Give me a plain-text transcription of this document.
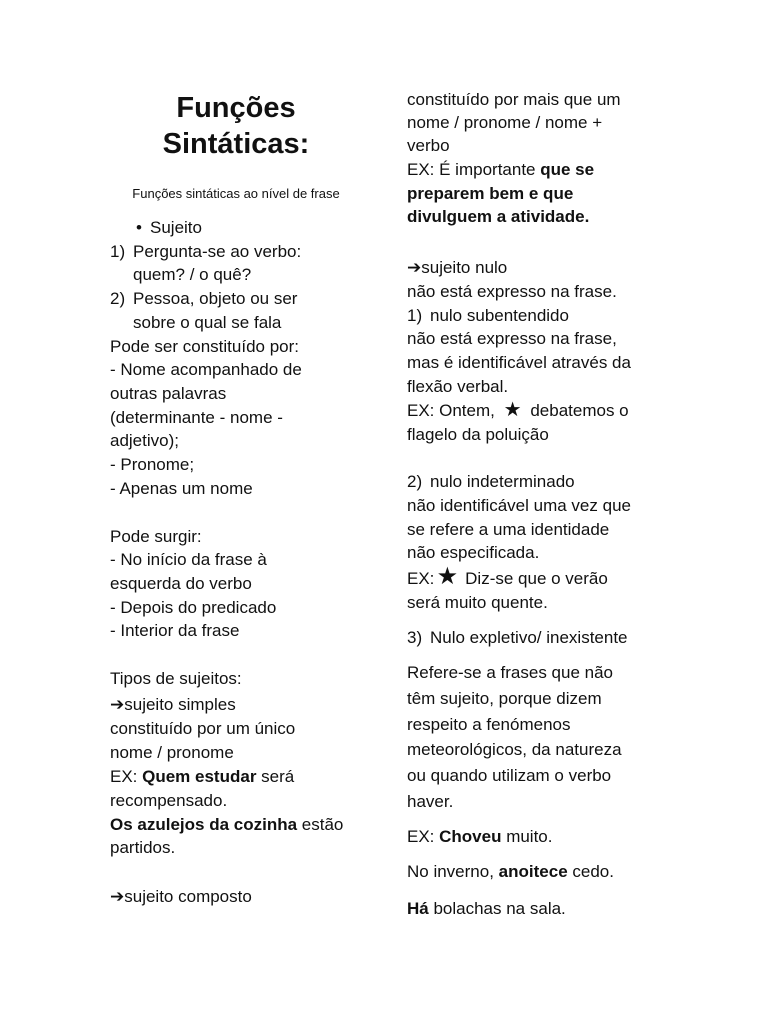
Funções
Sintáticas:
Funções sintáticas ao nível de frase
• Sujeito
1) Pergunta-se ao verbo:
quem? / o quê?
2) Pessoa, objeto ou ser
sobre o qual se fala
Pode ser constituído por:
- Nome acompanhado de
outras palavras
(determinante - nome -
adjetivo);
- Pronome;
- Apenas um nome
Pode surgir:
- No início da frase à
esquerda do verbo
- Depois do predicado
- Interior da frase
Tipos de sujeitos:
➔sujeito simples
constituído por um único
nome / pronome
EX: Quem estudar será
recompensado.
Os azulejos da cozinha estão
partidos.
➔sujeito composto
constituído por mais que um
nome / pronome / nome +
verbo
EX: É importante que se
preparem bem e que
divulguem a atividade.
➔sujeito nulo
não está expresso na frase.
1) nulo subentendido
não está expresso na frase,
mas é identificável através da
flexão verbal.
EX: Ontem, ★ debatemos o
flagelo da poluição
2) nulo indeterminado
não identificável uma vez que
se refere a uma identidade
não especificada.
EX:★ Diz-se que o verão
será muito quente.
3) Nulo expletivo/ inexistente
Refere-se a frases que não
têm sujeito, porque dizem
respeito a fenómenos
meteorológicos, da natureza
ou quando utilizam o verbo
haver.
EX: Choveu muito.
No inverno, anoitece cedo.
Há bolachas na sala.
